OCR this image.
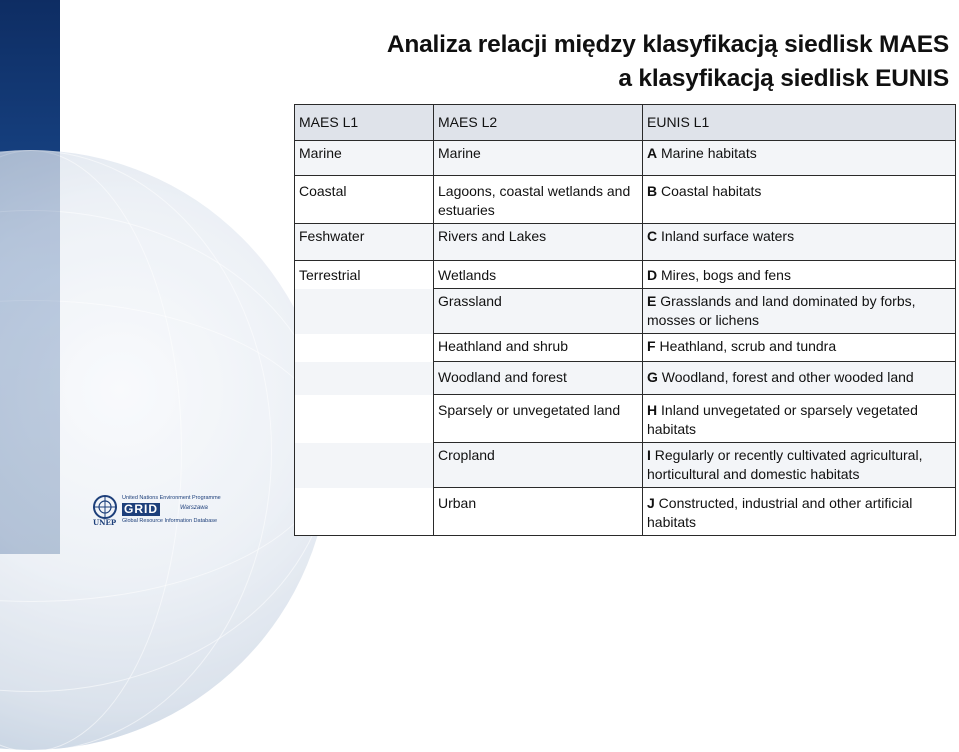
Analiza relacji między klasyfikacją siedlisk MAES
a klasyfikacją siedlisk EUNIS
MAES L1	MAES L2	EUNIS L1
Marine	Marine	A Marine habitats
Coastal	Lagoons, coastal wetlands and estuaries	B Coastal habitats
Feshwater	Rivers and Lakes	C Inland surface waters
Terrestrial	Wetlands	D Mires, bogs and fens
	Grassland	E Grasslands and land dominated by forbs, mosses or lichens
	Heathland and shrub	F Heathland, scrub and tundra
	Woodland and forest	G Woodland, forest and other wooded land
	Sparsely or unvegetated land	H Inland unvegetated or sparsely vegetated habitats
	Cropland	I Regularly or recently cultivated agricultural, horticultural and domestic habitats
	Urban	J Constructed, industrial and other artificial habitats
UNEP
United Nations Environment Programme
GRID	Warszawa
Global Resource Information Database
